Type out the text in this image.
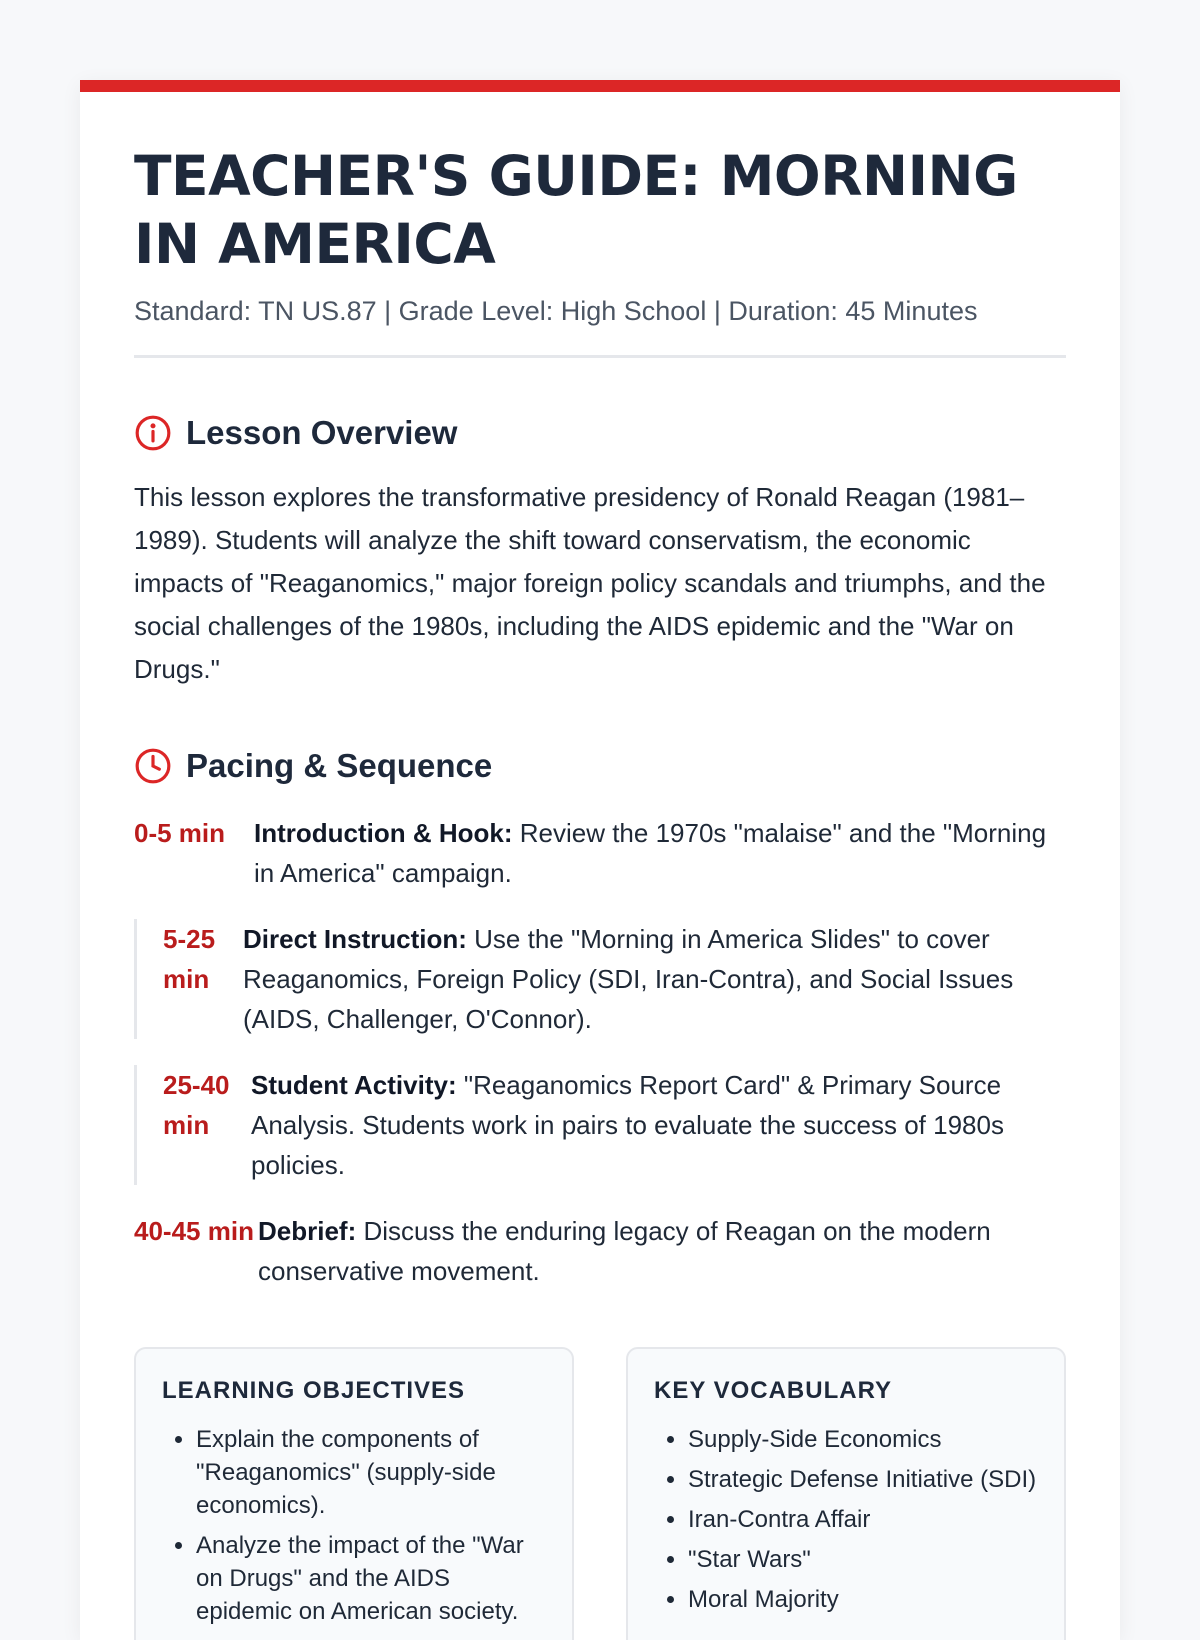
TEACHER'S GUIDE: MORNING IN AMERICA
Standard: TN US.87 | Grade Level: High School | Duration: 45 Minutes
Lesson Overview

This lesson explores the transformative presidency of Ronald Reagan (1981–1989). Students will analyze the shift toward conservatism, the economic impacts of "Reaganomics," major foreign policy scandals and triumphs, and the social challenges of the 1980s, including the AIDS epidemic and the "War on Drugs."

Pacing & Sequence
0-5 min	Introduction & Hook: Review the 1970s "malaise" and the "Morning in America" campaign.
5-25 min
Direct Instruction: Use the "Morning in America Slides" to cover Reaganomics, Foreign Policy (SDI, Iran-Contra), and Social Issues (AIDS, Challenger, O'Connor).
25-40 min
Student Activity: "Reaganomics Report Card" & Primary Source Analysis. Students work in pairs to evaluate the success of 1980s policies.
40-45 min Debrief: Discuss the enduring legacy of Reagan on the modern conservative movement.
LEARNING OBJECTIVES
• Explain the components of "Reaganomics" (supply-side economics).
• Analyze the impact of the "War on Drugs" and the AIDS epidemic on American society.
KEY VOCABULARY
• Supply-Side Economics
• Strategic Defense Initiative (SDI)
• Iran-Contra Affair
• "Star Wars"
• Moral Majority
